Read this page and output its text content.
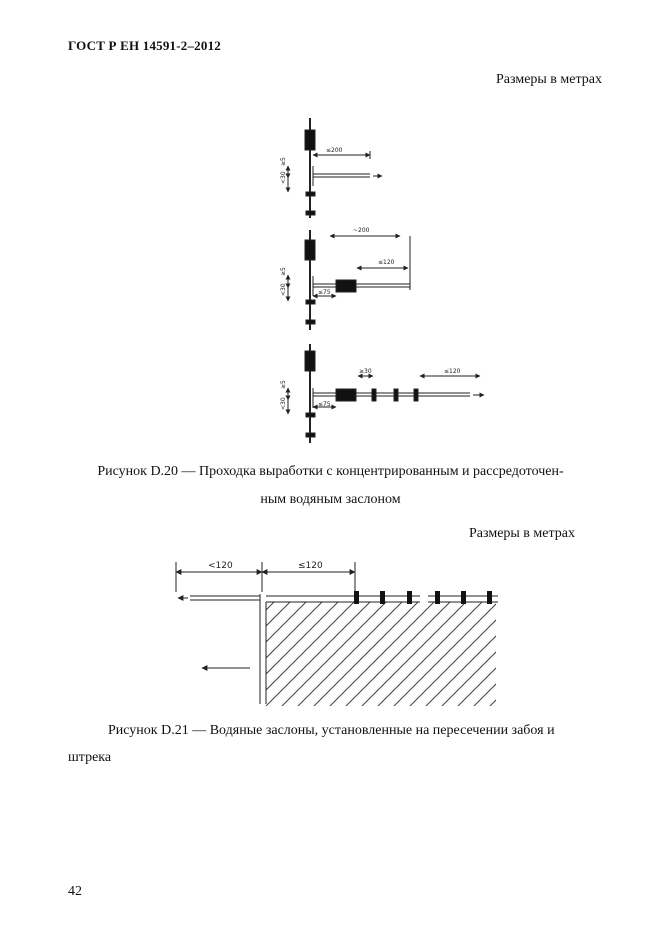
ГОСТ Р ЕН 14591-2–2012
Размеры в метрах
≤200
~200
≤120
≤75
≥30	≤120
≤75
<30
≥5
<30
≥5
<30
≥5
Рисунок D.20 — Проходка выработки с концентрированным и рассредоточен-
ным водяным заслоном
Размеры в метрах
<120	≤120
Рисунок D.21 — Водяные заслоны, установленные на пересечении забоя и
штрека
42
